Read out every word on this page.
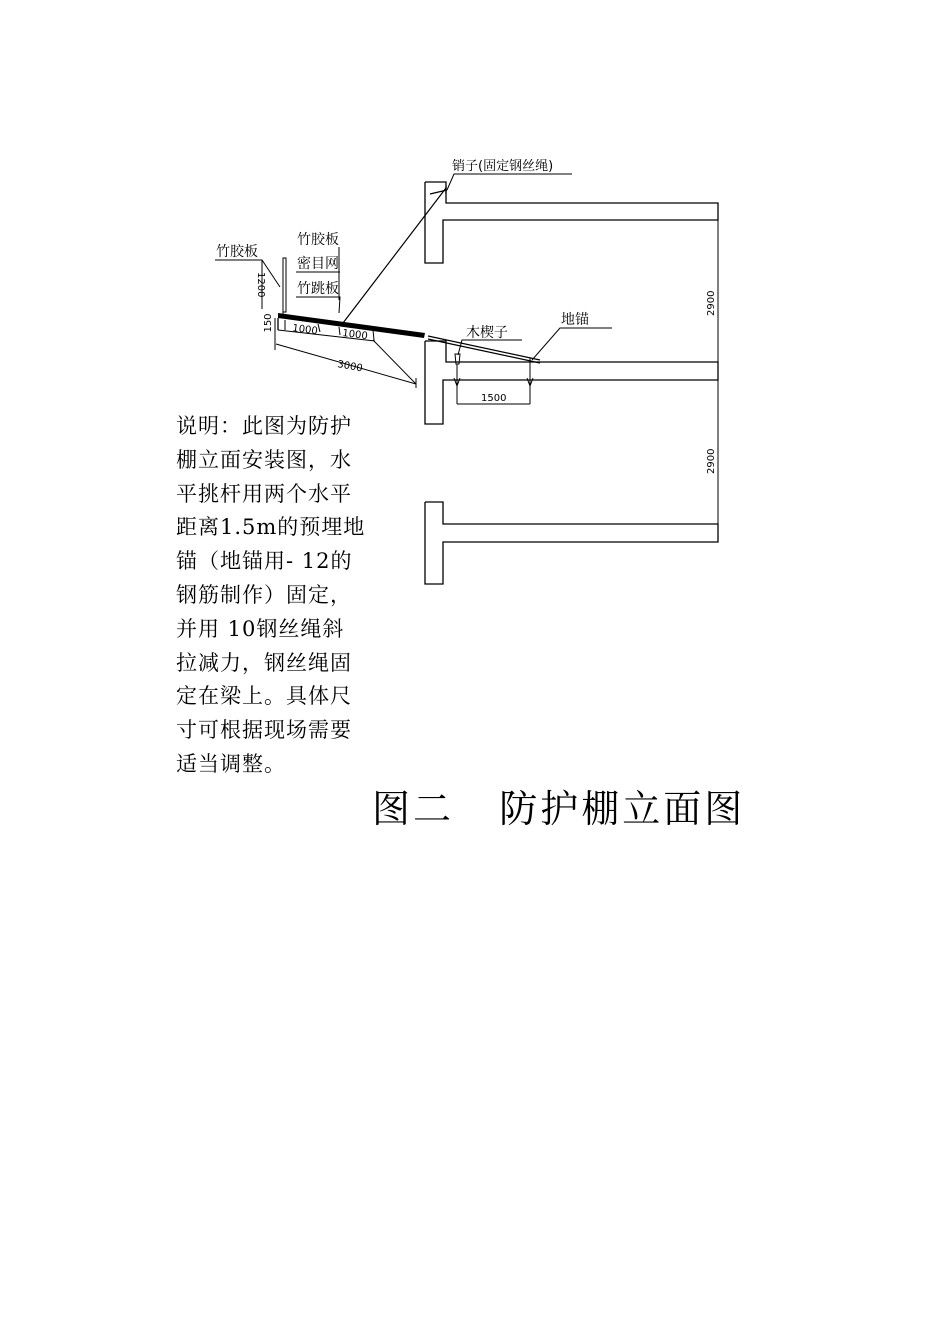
销子(固定钢丝绳)
竹胶板
竹胶板
密目网
竹跳板
木楔子
地锚
1200
150 1000 1000
3000
1500
2900
2900
说明：此图为防护
棚立面安装图，水
平挑杆用两个水平
距离1.5m的预埋地
锚（地锚用- 12的
钢筋制作）固定，
并用 10钢丝绳斜
拉减力，钢丝绳固
定在梁上。具体尺
寸可根据现场需要
适当调整。
图二   防护棚立面图
